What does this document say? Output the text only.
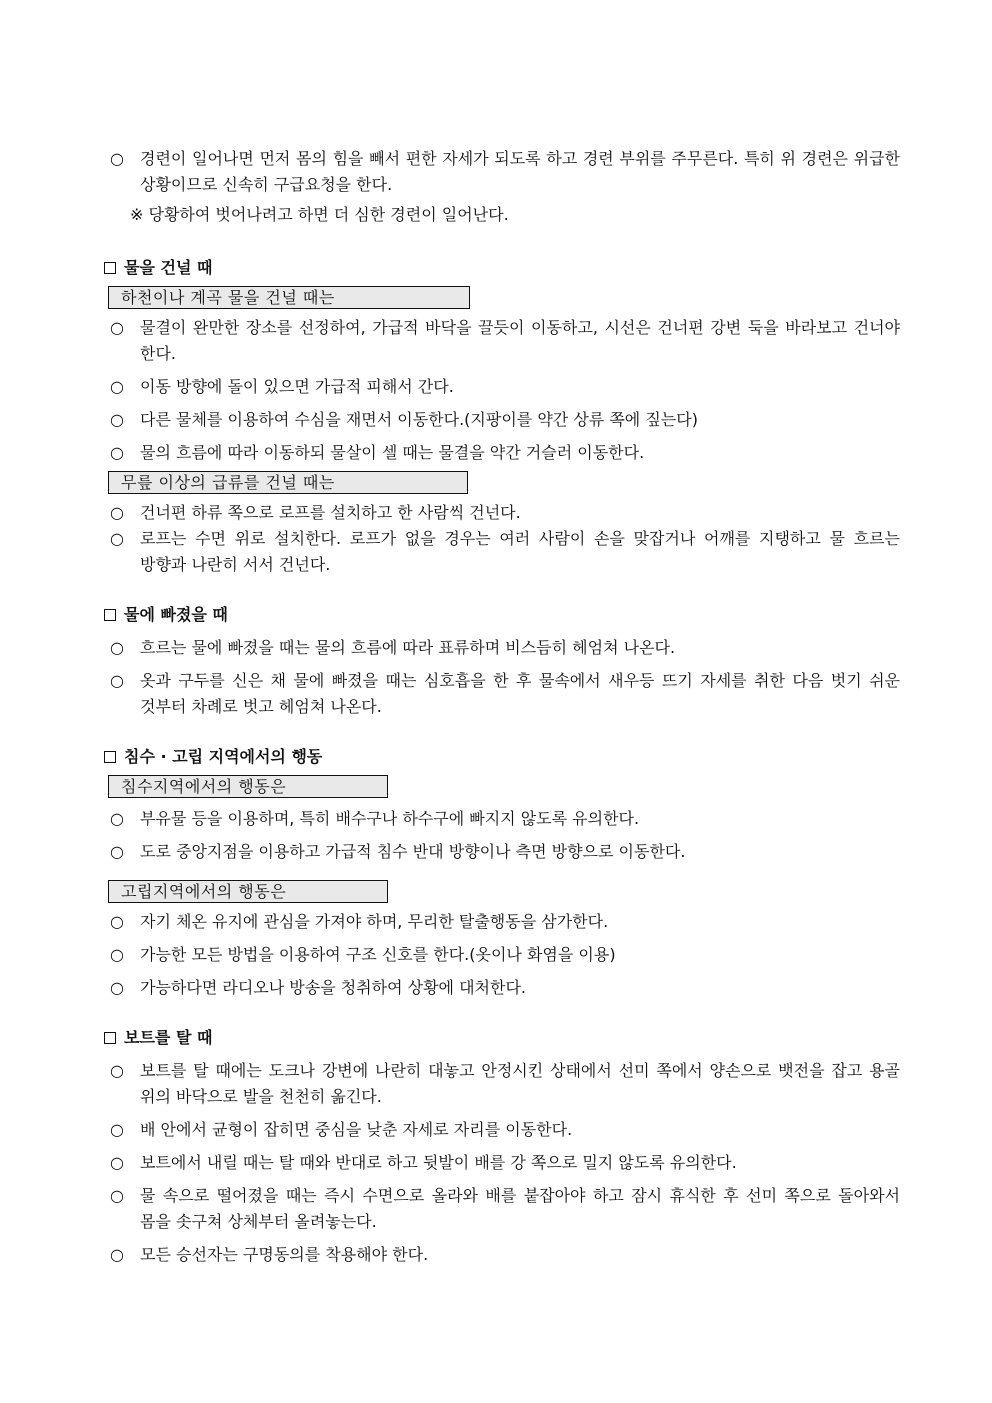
○	경련이 일어나면 먼저 몸의 힘을 빼서 편한 자세가 되도록 하고 경련 부위를 주무른다. 특히 위 경련은 위급한 상황이므로 신속히 구급요청을 한다.
※ 당황하여 벗어나려고 하면 더 심한 경련이 일어난다.
물을 건널 때
하천이나 계곡 물을 건널 때는
○	물결이 완만한 장소를 선정하여, 가급적 바닥을 끌듯이 이동하고, 시선은 건너편 강변 둑을 바라보고 건너야 한다.
○	이동 방향에 돌이 있으면 가급적 피해서 간다.
○	다른 물체를 이용하여 수심을 재면서 이동한다.(지팡이를 약간 상류 쪽에 짚는다)
○	물의 흐름에 따라 이동하되 물살이 셀 때는 물결을 약간 거슬러 이동한다.
무릎 이상의 급류를 건널 때는
○	건너편 하류 쪽으로 로프를 설치하고 한 사람씩 건넌다.
○	로프는 수면 위로 설치한다. 로프가 없을 경우는 여러 사람이 손을 맞잡거나 어깨를 지탱하고 물 흐르는 방향과 나란히 서서 건넌다.
물에 빠졌을 때
○	흐르는 물에 빠졌을 때는 물의 흐름에 따라 표류하며 비스듬히 헤엄쳐 나온다.
○	옷과 구두를 신은 채 물에 빠졌을 때는 심호흡을 한 후 물속에서 새우등 뜨기 자세를 취한 다음 벗기 쉬운 것부터 차례로 벗고 헤엄쳐 나온다.
침수 · 고립 지역에서의 행동
침수지역에서의 행동은
○	부유물 등을 이용하며, 특히 배수구나 하수구에 빠지지 않도록 유의한다.
○	도로 중앙지점을 이용하고 가급적 침수 반대 방향이나 측면 방향으로 이동한다.
고립지역에서의 행동은
○	자기 체온 유지에 관심을 가져야 하며, 무리한 탈출행동을 삼가한다.
○	가능한 모든 방법을 이용하여 구조 신호를 한다.(옷이나 화염을 이용)
○	가능하다면 라디오나 방송을 청취하여 상황에 대처한다.
보트를 탈 때
○	보트를 탈 때에는 도크나 강변에 나란히 대놓고 안정시킨 상태에서 선미 쪽에서 양손으로 뱃전을 잡고 용골 위의 바닥으로 발을 천천히 옮긴다.
○	배 안에서 균형이 잡히면 중심을 낮춘 자세로 자리를 이동한다.
○	보트에서 내릴 때는 탈 때와 반대로 하고 뒷발이 배를 강 쪽으로 밀지 않도록 유의한다.
○	물 속으로 떨어졌을 때는 즉시 수면으로 올라와 배를 붙잡아야 하고 잠시 휴식한 후 선미 쪽으로 돌아와서 몸을 솟구쳐 상체부터 올려놓는다.
○	모든 승선자는 구명동의를 착용해야 한다.
